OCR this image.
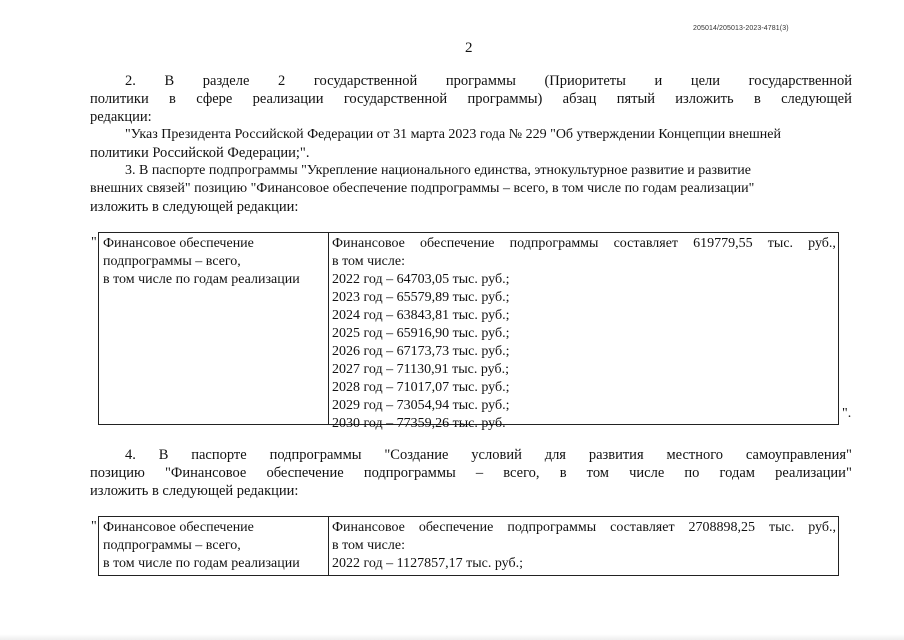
205014/205013-2023-4781(3)
2
2. В разделе 2 государственной программы (Приоритеты и цели государственной
политики в сфере реализации государственной программы) абзац пятый изложить в следующей
редакции:
"Указ Президента Российской Федерации от 31 марта 2023 года № 229 "Об утверждении Концепции внешней
политики Российской Федерации;".
3. В паспорте подпрограммы "Укрепление национального единства, этнокультурное развитие и развитие
внешних связей" позицию "Финансовое обеспечение подпрограммы – всего, в том числе по годам реализации"
изложить в следующей редакции:
" Финансовое обеспечение
подпрограммы – всего,
в том числе по годам реализации
Финансовое обеспечение подпрограммы составляет 619779,55 тыс. руб.,
в том числе:
2022 год – 64703,05 тыс. руб.;
2023 год – 65579,89 тыс. руб.;
2024 год – 63843,81 тыс. руб.;
2025 год – 65916,90 тыс. руб.;
2026 год – 67173,73 тыс. руб.;
2027 год – 71130,91 тыс. руб.;
2028 год – 71017,07 тыс. руб.;
2029 год – 73054,94 тыс. руб.;
2030 год – 77359,26 тыс. руб.
".
4. В паспорте подпрограммы "Создание условий для развития местного самоуправления"
позицию "Финансовое обеспечение подпрограммы – всего, в том числе по годам реализации"
изложить в следующей редакции:
" Финансовое обеспечение
подпрограммы – всего,
в том числе по годам реализации
Финансовое обеспечение подпрограммы составляет 2708898,25 тыс. руб.,
в том числе:
2022 год – 1127857,17 тыс. руб.;
